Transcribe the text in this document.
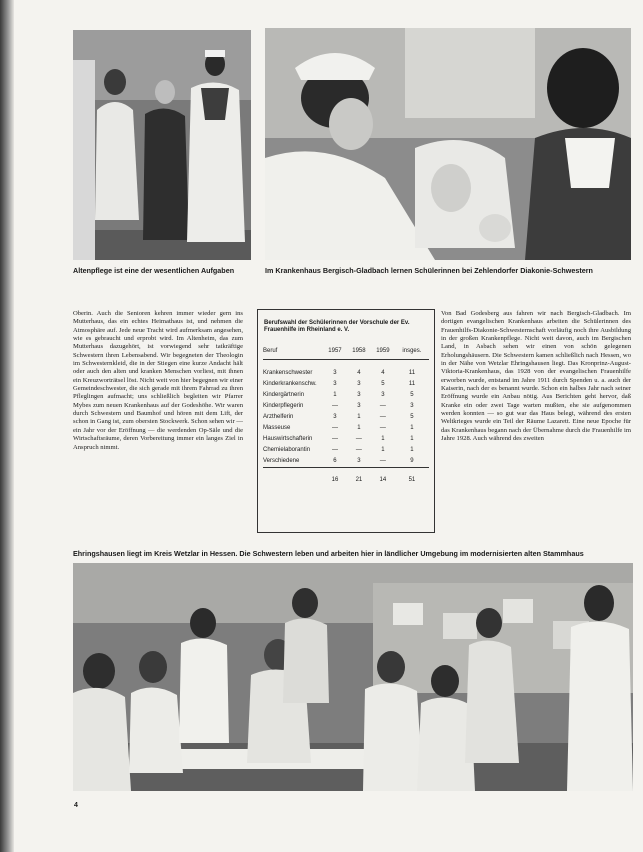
Altenpflege ist eine der wesentlichen Aufgaben	Im Krankenhaus Bergisch-Gladbach lernen Schülerinnen bei Zehlendorfer Diakonie-Schwestern

Oberin. Auch die Senioren kehren immer wieder gern ins Mutterhaus, das ein echtes Heimathaus ist, und nehmen die Atmosphäre auf. Jede neue Tracht wird aufmerksam angesehen, wie es gebraucht und erprobt wird. Im Altenheim, das zum Mutterhaus dazugehört, ist vorwiegend sehr tatkräftige Schwestern ihren Lebensabend. Wir begegneten der Theologin im Schwesternkleid, die in der Stiegen eine kurze Andacht hält oder auch den alten und kranken Menschen vorliest, mit ihnen ein Kreuzworträtsel löst. Nicht weit von hier begegnen wir einer Gemeindeschwester, die sich gerade mit ihrem Fahrrad zu ihren Pfleglingen aufmacht; uns schließlich begleiten wir Pfarrer Mybes zum neuen Krankenhaus auf der Godeshöhe. Wir waren durch Schwestern und Baumhof und hören mit dem Lift, der schon in Gang ist, zum obersten Stockwerk. Schon sehen wir — ein Jahr vor der Eröffnung — die werdenden Op-Säle und die Wirtschaftsräume, deren Vorbereitung immer ein langes Ziel in Anspruch nimmt.

Berufswahl der Schülerinnen der Vorschule der Ev. Frauenhilfe im Rheinland e. V.
Beruf	1957	1958	1959	insges.

Krankenschwester	3	4	4	11
Kinderkrankenschw.	3	3	5	11
Kindergärtnerin	1	3	3	5
Kinderpflegerin	—	3	—	3
Arzthelferin	3	1	—	5
Masseuse	—	1	—	1
Hauswirtschafterin	—	—	1	1
Chemielaborantin	—	—	1	1
Verschiedene	6	3	—	9
	16	21	14	51

Von Bad Godesberg aus fahren wir nach Bergisch-Gladbach. Im dortigen evangelischen Krankenhaus arbeiten die Schülerinnen des Frauenhilfs-Diakonie-Schwesternschaft vorläufig noch ihre Ausbildung in der großen Krankenpflege. Nicht weit davon, auch im Bergischen Land, in Asbach sehen wir einen von schön gelegenen Erholungshäusern. Die Schwestern kamen schließlich nach Hessen, wo in der Nähe von Wetzlar Ehringshausen liegt. Das Kronprinz-August-Viktoria-Krankenhaus, das 1928 von der evangelischen Frauenhilfe erworben wurde, entstand im Jahre 1911 durch Spenden u. a. auch der Kaiserin, nach der es benannt wurde. Schon ein halbes Jahr nach seiner Eröffnung wurde ein Anbau nötig. Aus Berichten geht hervor, daß Kranke ein oder zwei Tage warten mußten, ehe sie aufgenommen werden konnten — so gut war das Haus belegt, während des ersten Weltkrieges wurde ein Teil der Räume Lazarett. Eine neue Epoche für das Krankenhaus begann nach der Übernahme durch die Frauenhilfe im Jahre 1928. Auch während des zweiten

Ehringshausen liegt im Kreis Wetzlar in Hessen. Die Schwestern leben und arbeiten hier in ländlicher Umgebung im modernisierten alten Stammhaus
4
